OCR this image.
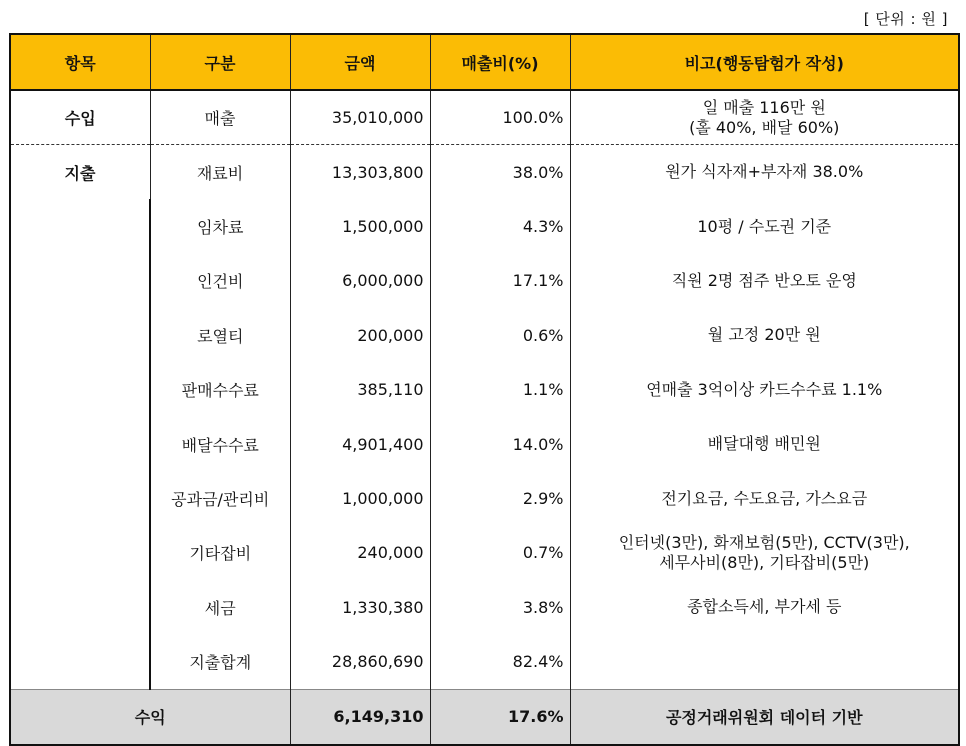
[ 단위 : 원 ]
항목	구분	금액	매출비(%)	비고(행동탐험가 작성)
수입	매출	35,010,000	100.0%	일 매출 116만 원
(홀 40%, 배달 60%)

지출	재료비	13,303,800	38.0%	원가 식자재+부자재 38.0%
	임차료	1,500,000	4.3%	10평 / 수도권 기준
	인건비	6,000,000	17.1%	직원 2명 점주 반오토 운영
	로열티	200,000	0.6%	월 고정 20만 원
	판매수수료	385,110	1.1%	연매출 3억이상 카드수수료 1.1%
	배달수수료	4,901,400	14.0%	배달대행 배민원
	공과금/관리비	1,000,000	2.9%	전기요금, 수도요금, 가스요금
	기타잡비	240,000	0.7%	인터넷(3만), 화재보험(5만), CCTV(3만),
세무사비(8만), 기타잡비(5만)

	세금	1,330,380	3.8%	종합소득세, 부가세 등
	지출합계	28,860,690	82.4%	
수익		6,149,310	17.6%	공정거래위원회 데이터 기반
